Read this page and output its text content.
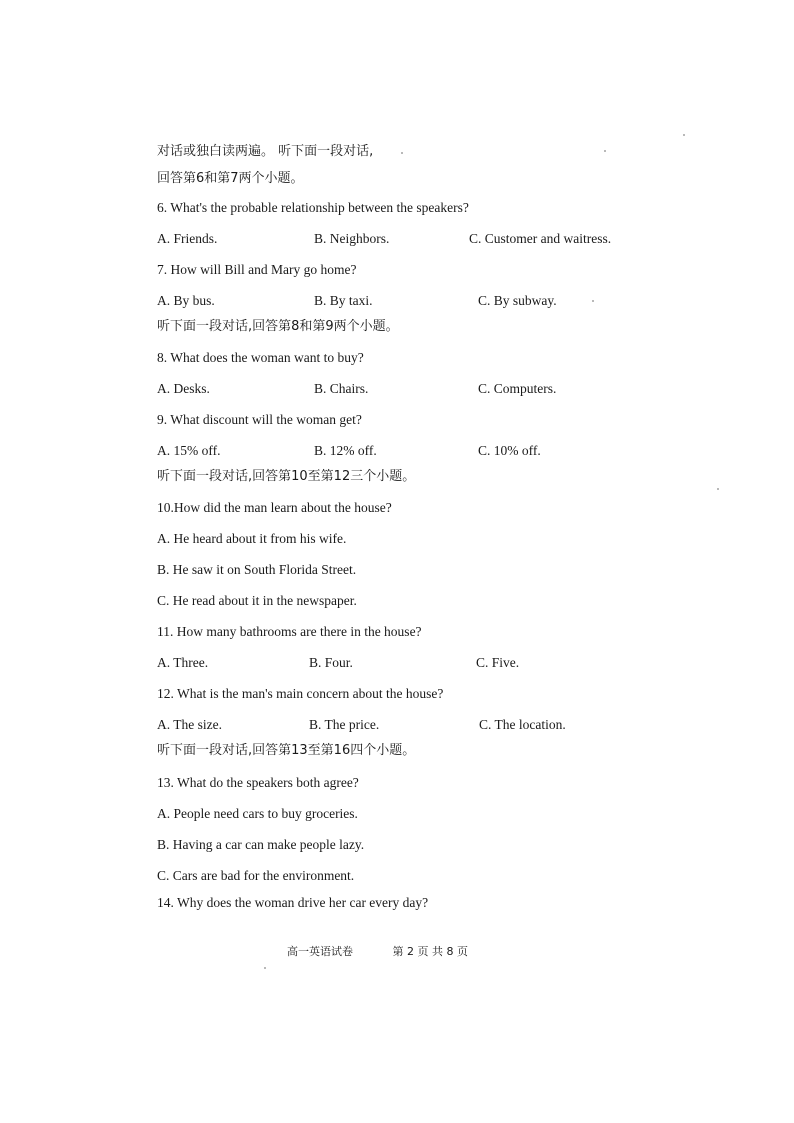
对话或独白读两遍。 听下面一段对话,
回答第6和第7两个小题。
6. What's the probable relationship between the speakers?
A. Friends.	B. Neighbors.	C. Customer and waitress.
7. How will Bill and Mary go home?
A. By bus.	B. By taxi.	C. By subway.
听下面一段对话,回答第8和第9两个小题。
8. What does the woman want to buy?
A. Desks.	B. Chairs.	C. Computers.
9. What discount will the woman get?
A. 15% off.	B. 12% off.	C. 10% off.
听下面一段对话,回答第10至第12三个小题。
10.How did the man learn about the house?
A. He heard about it from his wife.
B. He saw it on South Florida Street.
C. He read about it in the newspaper.
11. How many bathrooms are there in the house?
A. Three.	B. Four.	C. Five.
12. What is the man's main concern about the house?
A. The size.	B. The price.	C. The location.
听下面一段对话,回答第13至第16四个小题。
13. What do the speakers both agree?
A. People need cars to buy groceries.
B. Having a car can make people lazy.
C. Cars are bad for the environment.
14. Why does the woman drive her car every day?
高一英语试卷	第 2 页 共 8 页
